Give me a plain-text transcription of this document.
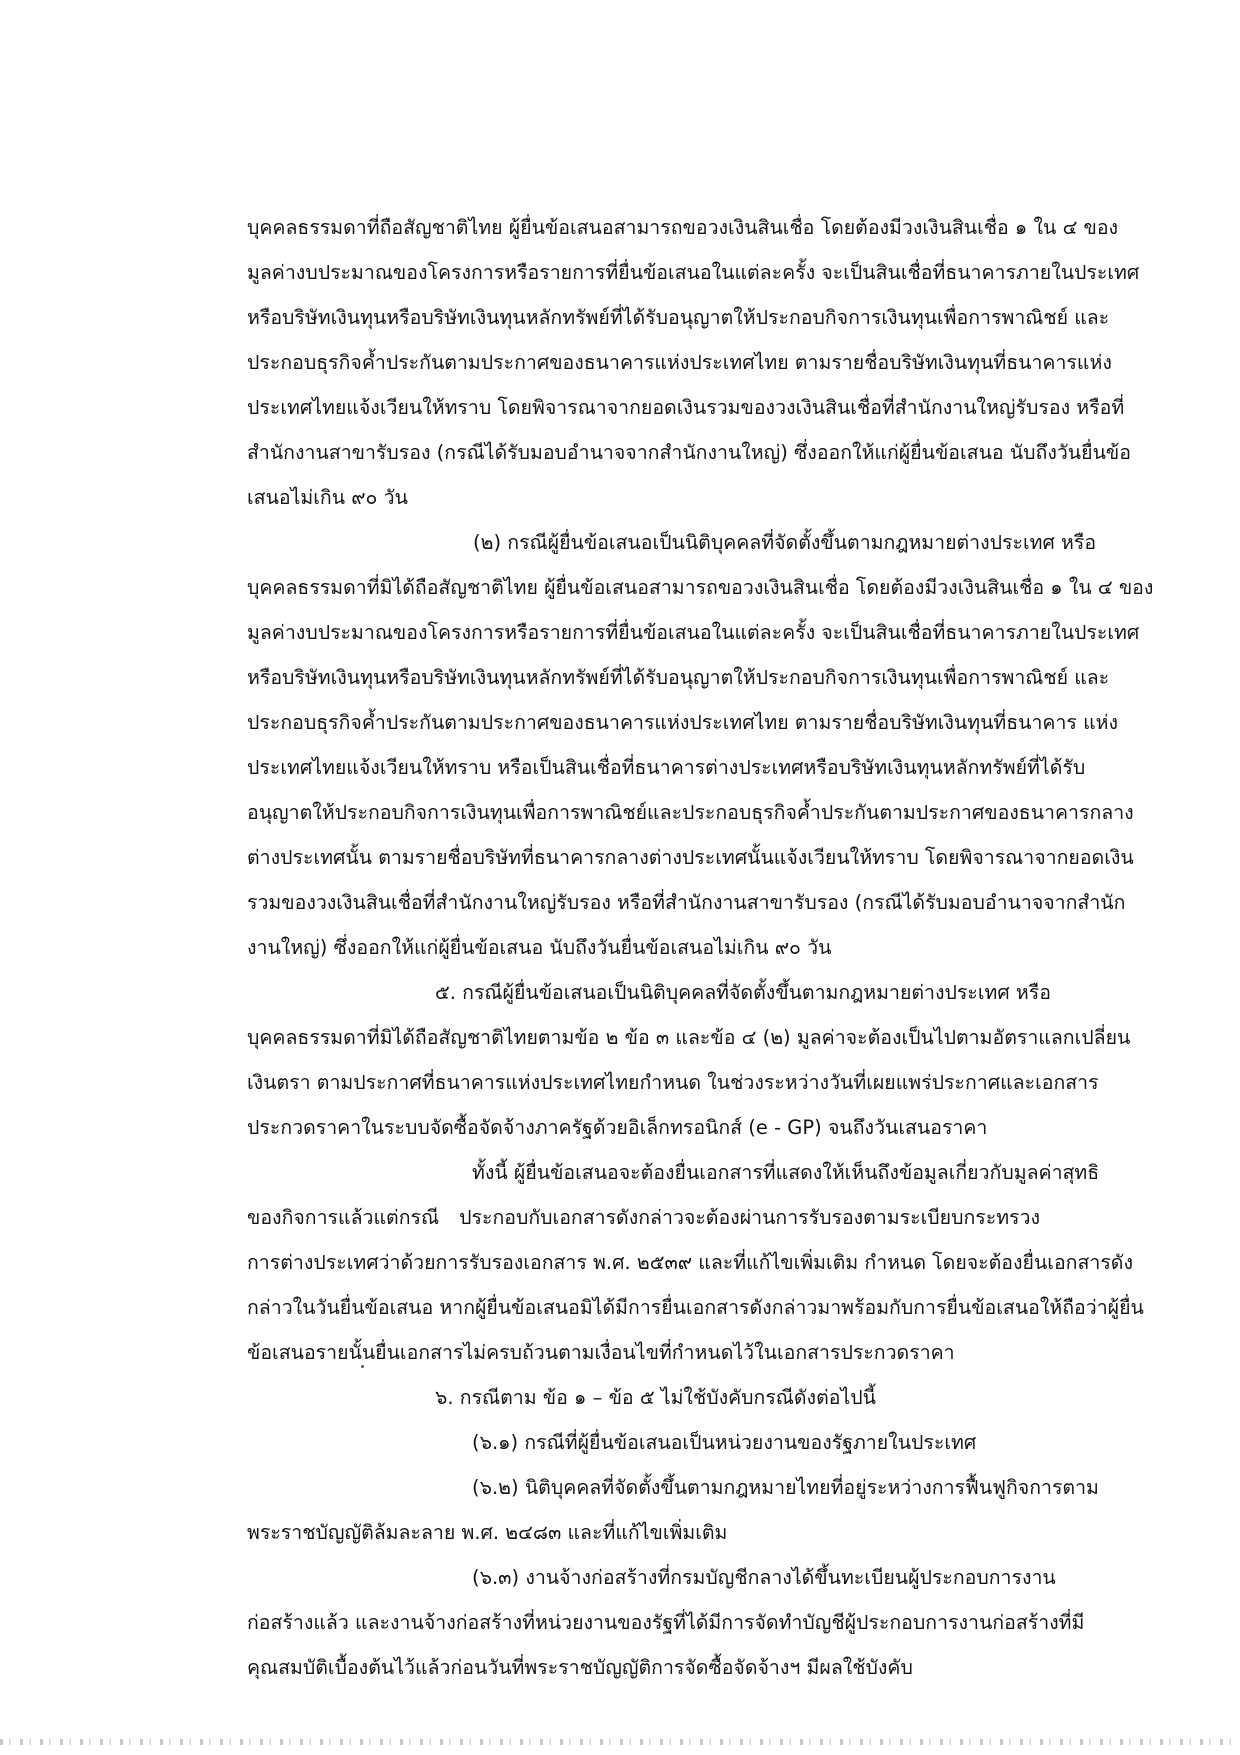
บุคคลธรรมดาที่ถือสัญชาติไทย ผู้ยื่นข้อเสนอสามารถขอวงเงินสินเชื่อ โดยต้องมีวงเงินสินเชื่อ ๑ ใน ๔ ของ
มูลค่างบประมาณของโครงการหรือรายการที่ยื่นข้อเสนอในแต่ละครั้ง จะเป็นสินเชื่อที่ธนาคารภายในประเทศ
หรือบริษัทเงินทุนหรือบริษัทเงินทุนหลักทรัพย์ที่ได้รับอนุญาตให้ประกอบกิจการเงินทุนเพื่อการพาณิชย์ และ
ประกอบธุรกิจค้ำประกันตามประกาศของธนาคารแห่งประเทศไทย ตามรายชื่อบริษัทเงินทุนที่ธนาคารแห่ง
ประเทศไทยแจ้งเวียนให้ทราบ โดยพิจารณาจากยอดเงินรวมของวงเงินสินเชื่อที่สำนักงานใหญ่รับรอง หรือที่
สำนักงานสาขารับรอง (กรณีได้รับมอบอำนาจจากสำนักงานใหญ่) ซึ่งออกให้แก่ผู้ยื่นข้อเสนอ นับถึงวันยื่นข้อ
เสนอไม่เกิน ๙๐ วัน
(๒) กรณีผู้ยื่นข้อเสนอเป็นนิติบุคคลที่จัดตั้งขึ้นตามกฎหมายต่างประเทศ หรือ
บุคคลธรรมดาที่มิได้ถือสัญชาติไทย ผู้ยื่นข้อเสนอสามารถขอวงเงินสินเชื่อ โดยต้องมีวงเงินสินเชื่อ ๑ ใน ๔ ของ
มูลค่างบประมาณของโครงการหรือรายการที่ยื่นข้อเสนอในแต่ละครั้ง จะเป็นสินเชื่อที่ธนาคารภายในประเทศ
หรือบริษัทเงินทุนหรือบริษัทเงินทุนหลักทรัพย์ที่ได้รับอนุญาตให้ประกอบกิจการเงินทุนเพื่อการพาณิชย์ และ
ประกอบธุรกิจค้ำประกันตามประกาศของธนาคารแห่งประเทศไทย ตามรายชื่อบริษัทเงินทุนที่ธนาคาร แห่ง
ประเทศไทยแจ้งเวียนให้ทราบ หรือเป็นสินเชื่อที่ธนาคารต่างประเทศหรือบริษัทเงินทุนหลักทรัพย์ที่ได้รับ
อนุญาตให้ประกอบกิจการเงินทุนเพื่อการพาณิชย์และประกอบธุรกิจค้ำประกันตามประกาศของธนาคารกลาง
ต่างประเทศนั้น ตามรายชื่อบริษัทที่ธนาคารกลางต่างประเทศนั้นแจ้งเวียนให้ทราบ โดยพิจารณาจากยอดเงิน
รวมของวงเงินสินเชื่อที่สำนักงานใหญ่รับรอง หรือที่สำนักงานสาขารับรอง (กรณีได้รับมอบอำนาจจากสำนัก
งานใหญ่) ซึ่งออกให้แก่ผู้ยื่นข้อเสนอ นับถึงวันยื่นข้อเสนอไม่เกิน ๙๐ วัน
๕. กรณีผู้ยื่นข้อเสนอเป็นนิติบุคคลที่จัดตั้งขึ้นตามกฎหมายต่างประเทศ หรือ
บุคคลธรรมดาที่มิได้ถือสัญชาติไทยตามข้อ ๒ ข้อ ๓ และข้อ ๔ (๒) มูลค่าจะต้องเป็นไปตามอัตราแลกเปลี่ยน
เงินตรา ตามประกาศที่ธนาคารแห่งประเทศไทยกำหนด ในช่วงระหว่างวันที่เผยแพร่ประกาศและเอกสาร
ประกวดราคาในระบบจัดซื้อจัดจ้างภาครัฐด้วยอิเล็กทรอนิกส์ (e - GP) จนถึงวันเสนอราคา
ทั้งนี้ ผู้ยื่นข้อเสนอจะต้องยื่นเอกสารที่แสดงให้เห็นถึงข้อมูลเกี่ยวกับมูลค่าสุทธิ
ของกิจการแล้วแต่กรณี ประกอบกับเอกสารดังกล่าวจะต้องผ่านการรับรองตามระเบียบกระทรวง
การต่างประเทศว่าด้วยการรับรองเอกสาร พ.ศ. ๒๕๓๙ และที่แก้ไขเพิ่มเติม กำหนด โดยจะต้องยื่นเอกสารดัง
กล่าวในวันยื่นข้อเสนอ หากผู้ยื่นข้อเสนอมิได้มีการยื่นเอกสารดังกล่าวมาพร้อมกับการยื่นข้อเสนอให้ถือว่าผู้ยื่น
ข้อเสนอรายนั้นยื่นเอกสารไม่ครบถ้วนตามเงื่อนไขที่กำหนดไว้ในเอกสารประกวดราคา
๖. กรณีตาม ข้อ ๑ – ข้อ ๕ ไม่ใช้บังคับกรณีดังต่อไปนี้
(๖.๑) กรณีที่ผู้ยื่นข้อเสนอเป็นหน่วยงานของรัฐภายในประเทศ
(๖.๒) นิติบุคคลที่จัดตั้งขึ้นตามกฎหมายไทยที่อยู่ระหว่างการฟื้นฟูกิจการตาม
พระราชบัญญัติล้มละลาย พ.ศ. ๒๔๘๓ และที่แก้ไขเพิ่มเติม
(๖.๓) งานจ้างก่อสร้างที่กรมบัญชีกลางได้ขึ้นทะเบียนผู้ประกอบการงาน
ก่อสร้างแล้ว และงานจ้างก่อสร้างที่หน่วยงานของรัฐที่ได้มีการจัดทำบัญชีผู้ประกอบการงานก่อสร้างที่มี
คุณสมบัติเบื้องต้นไว้แล้วก่อนวันที่พระราชบัญญัติการจัดซื้อจัดจ้างฯ มีผลใช้บังคับ
